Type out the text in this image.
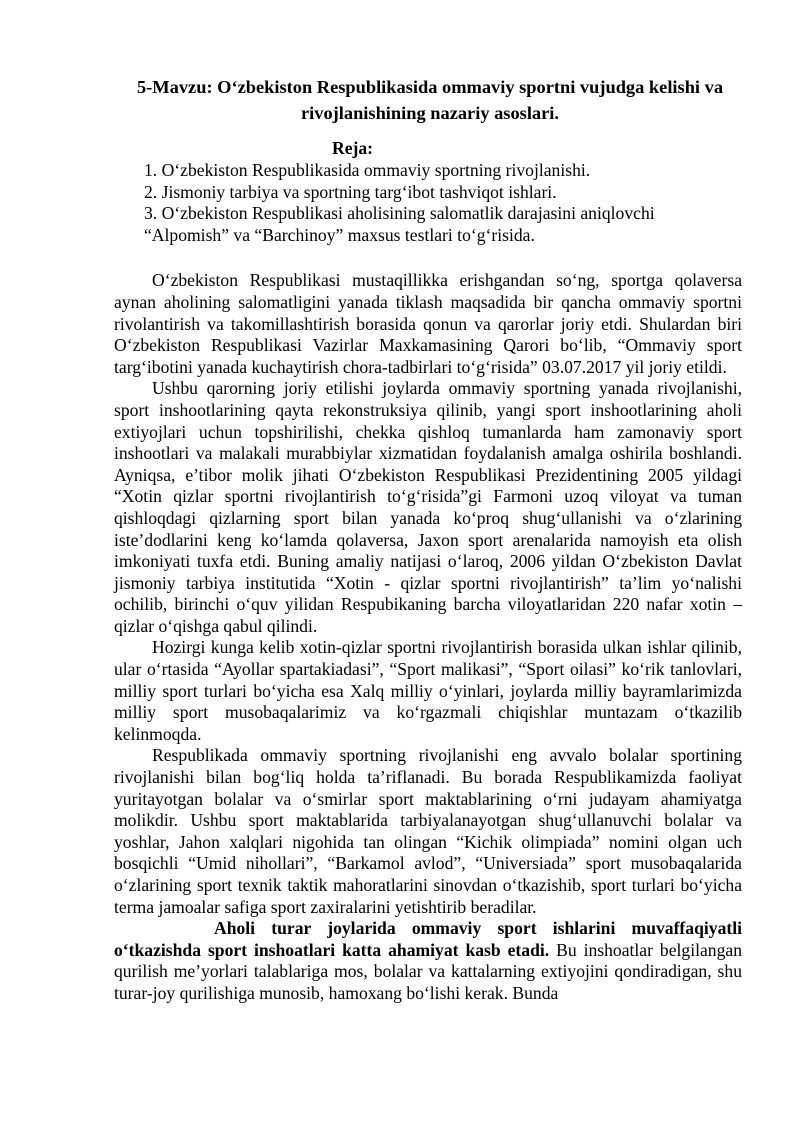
5-Mavzu: O‘zbekiston Respublikasida ommaviy sportni vujudga kelishi va rivojlanishining nazariy asoslari.
Reja:
1. O‘zbekiston Respublikasida ommaviy sportning rivojlanishi.
2. Jismoniy tarbiya va sportning targ‘ibot tashviqot ishlari.
3. O‘zbekiston Respublikasi aholisining salomatlik darajasini aniqlovchi “Alpomish” va “Barchinoy” maxsus testlari to‘g‘risida.

O‘zbekiston Respublikasi mustaqillikka erishgandan so‘ng, sportga qolaversa aynan aholining salomatligini yanada tiklash maqsadida bir qancha ommaviy sportni rivolantirish va takomillashtirish borasida qonun va qarorlar joriy etdi. Shulardan biri O‘zbekiston Respublikasi Vazirlar Maxkamasining Qarori bo‘lib, “Ommaviy sport targ‘ibotini yanada kuchaytirish chora-tadbirlari to‘g‘risida” 03.07.2017 yil joriy etildi.

Ushbu qarorning joriy etilishi joylarda ommaviy sportning yanada rivojlanishi, sport inshootlarining qayta rekonstruksiya qilinib, yangi sport inshootlarining aholi extiyojlari uchun topshirilishi, chekka qishloq tumanlarda ham zamonaviy sport inshootlari va malakali murabbiylar xizmatidan foydalanish amalga oshirila boshlandi. Ayniqsa, e’tibor molik jihati O‘zbekiston Respublikasi Prezidentining 2005 yildagi “Xotin qizlar sportni rivojlantirish to‘g‘risida”gi Farmoni uzoq viloyat va tuman qishloqdagi qizlarning sport bilan yanada ko‘proq shug‘ullanishi va o‘zlarining iste’dodlarini keng ko‘lamda qolaversa, Jaxon sport arenalarida namoyish eta olish imkoniyati tuxfa etdi. Buning amaliy natijasi o‘laroq, 2006 yildan O‘zbekiston Davlat jismoniy tarbiya institutida “Xotin - qizlar sportni rivojlantirish” ta’lim yo‘nalishi ochilib, birinchi o‘quv yilidan Respubikaning barcha viloyatlaridan 220 nafar xotin – qizlar o‘qishga qabul qilindi.

Hozirgi kunga kelib xotin-qizlar sportni rivojlantirish borasida ulkan ishlar qilinib, ular o‘rtasida “Ayollar spartakiadasi”, “Sport malikasi”, “Sport oilasi” ko‘rik tanlovlari, milliy sport turlari bo‘yicha esa Xalq milliy o‘yinlari, joylarda milliy bayramlarimizda milliy sport musobaqalarimiz va ko‘rgazmali chiqishlar muntazam o‘tkazilib kelinmoqda.

Respublikada ommaviy sportning rivojlanishi eng avvalo bolalar sportining rivojlanishi bilan bog‘liq holda ta’riflanadi. Bu borada Respublikamizda faoliyat yuritayotgan bolalar va o‘smirlar sport maktablarining o‘rni judayam ahamiyatga molikdir. Ushbu sport maktablarida tarbiyalanayotgan shug‘ullanuvchi bolalar va yoshlar, Jahon xalqlari nigohida tan olingan “Kichik olimpiada” nomini olgan uch bosqichli “Umid nihollari”, “Barkamol avlod”, “Universiada” sport musobaqalarida o‘zlarining sport texnik taktik mahoratlarini sinovdan o‘tkazishib, sport turlari bo‘yicha terma jamoalar safiga sport zaxiralarini yetishtirib beradilar.

Aholi turar joylarida ommaviy sport ishlarini muvaffaqiyatli o‘tkazishda sport inshoatlari katta ahamiyat kasb etadi. Bu inshoatlar belgilangan qurilish me’yorlari talablariga mos, bolalar va kattalarning extiyojini qondiradigan, shu turar-joy qurilishiga munosib, hamoxang bo‘lishi kerak. Bunda
